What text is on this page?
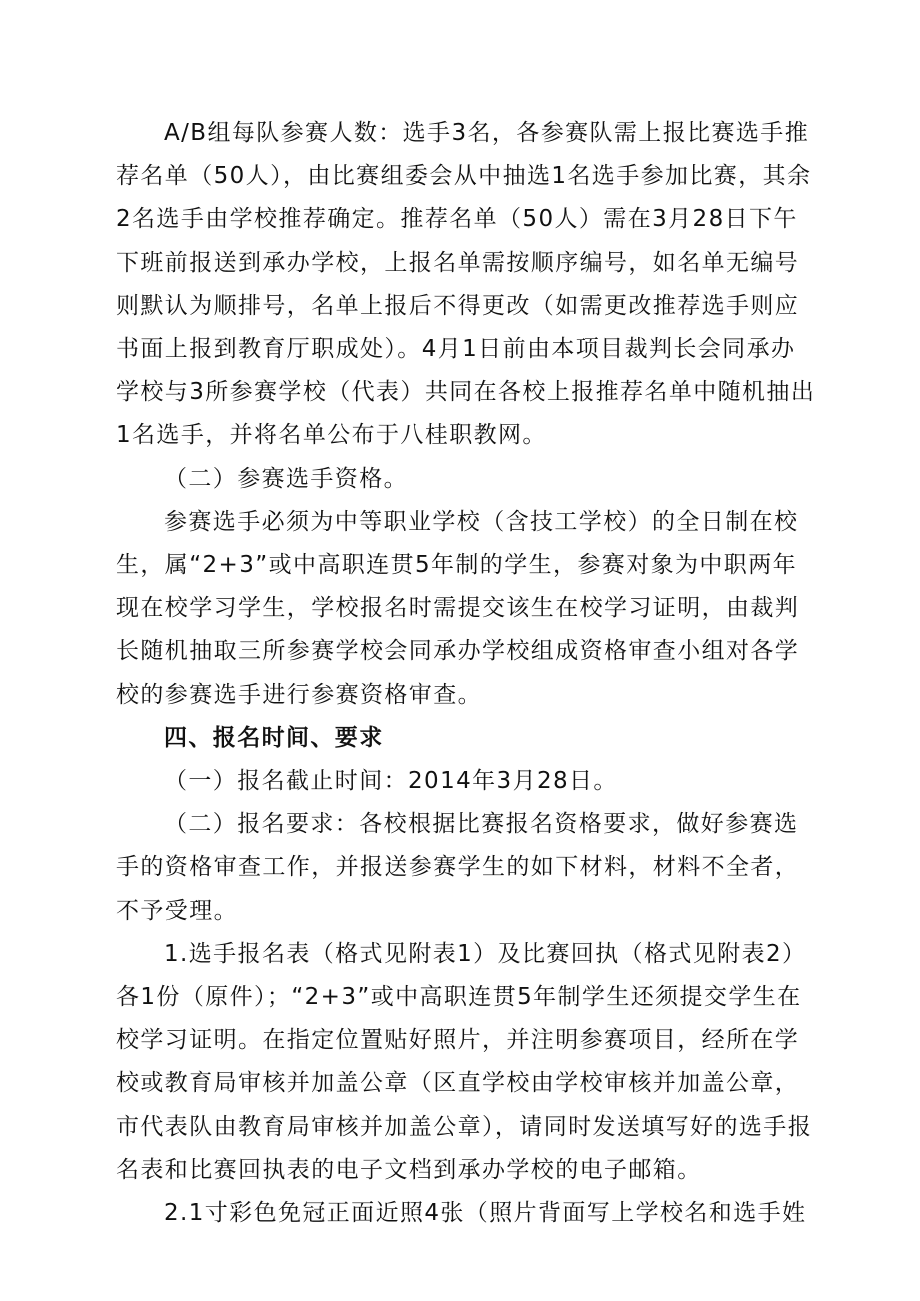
A/B组每队参赛人数：选手3名，各参赛队需上报比赛选手推荐名单（50人），由比赛组委会从中抽选1名选手参加比赛，其余2名选手由学校推荐确定。推荐名单（50人）需在3月28日下午下班前报送到承办学校，上报名单需按顺序编号，如名单无编号则默认为顺排号，名单上报后不得更改（如需更改推荐选手则应书面上报到教育厅职成处）。4月1日前由本项目裁判长会同承办学校与3所参赛学校（代表）共同在各校上报推荐名单中随机抽出1名选手，并将名单公布于八桂职教网。

（二）参赛选手资格。

参赛选手必须为中等职业学校（含技工学校）的全日制在校生，属“2+3”或中高职连贯5年制的学生，参赛对象为中职两年现在校学习学生，学校报名时需提交该生在校学习证明，由裁判长随机抽取三所参赛学校会同承办学校组成资格审查小组对各学校的参赛选手进行参赛资格审查。

四、报名时间、要求

（一）报名截止时间：2014年3月28日。

（二）报名要求：各校根据比赛报名资格要求，做好参赛选手的资格审查工作，并报送参赛学生的如下材料，材料不全者，不予受理。

1.选手报名表（格式见附表1）及比赛回执（格式见附表2）各1份（原件）；“2+3”或中高职连贯5年制学生还须提交学生在校学习证明。在指定位置贴好照片，并注明参赛项目，经所在学校或教育局审核并加盖公章（区直学校由学校审核并加盖公章，市代表队由教育局审核并加盖公章），请同时发送填写好的选手报名表和比赛回执表的电子文档到承办学校的电子邮箱。

2.1寸彩色免冠正面近照4张（照片背面写上学校名和选手姓
